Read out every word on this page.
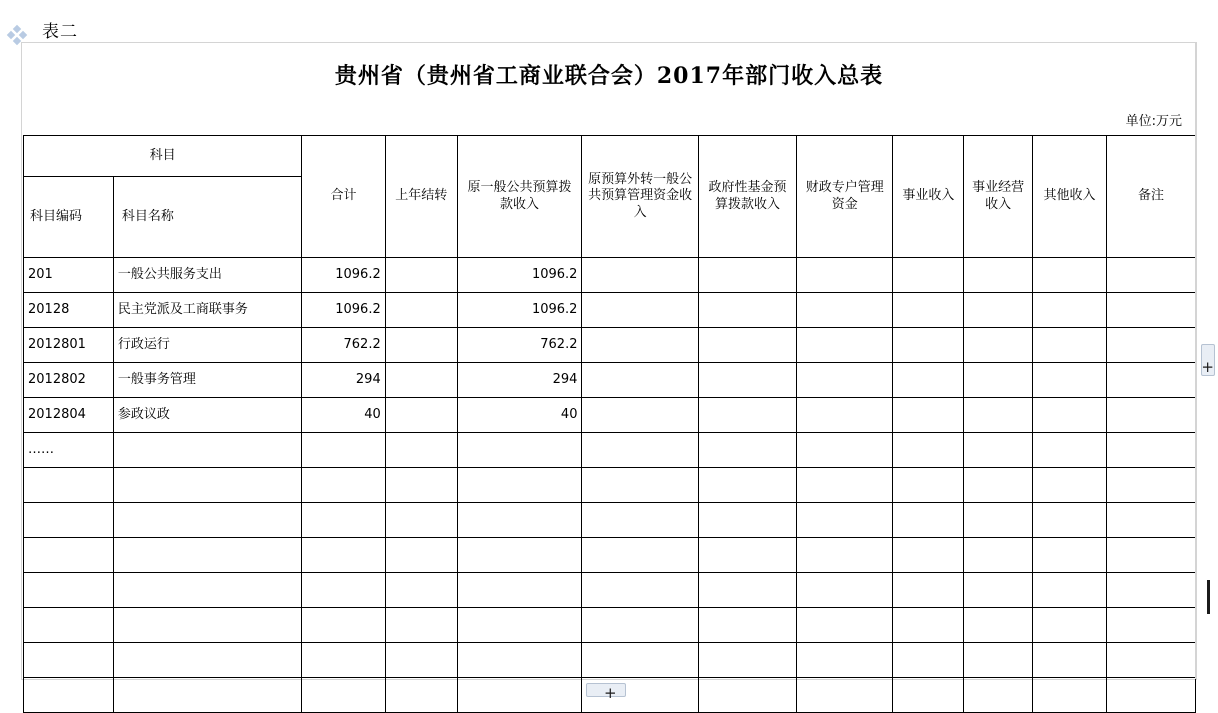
表二
贵州省（贵州省工商业联合会）2017年部门收入总表
单位:万元
科目		合计	上年结转	原一般公共预算拨款收入	原预算外转一般公共预算管理资金收入	政府性基金预算拨款收入	财政专户管理资金	事业收入	事业经营收入	其他收入	备注
科目编码	科目名称										
201	一般公共服务支出	1096.2		1096.2							
20128	民主党派及工商联事务	1096.2		1096.2							
2012801	行政运行	762.2		762.2							
2012802	一般事务管理	294		294							
2012804	参政议政	40		40							
……											

+
+
